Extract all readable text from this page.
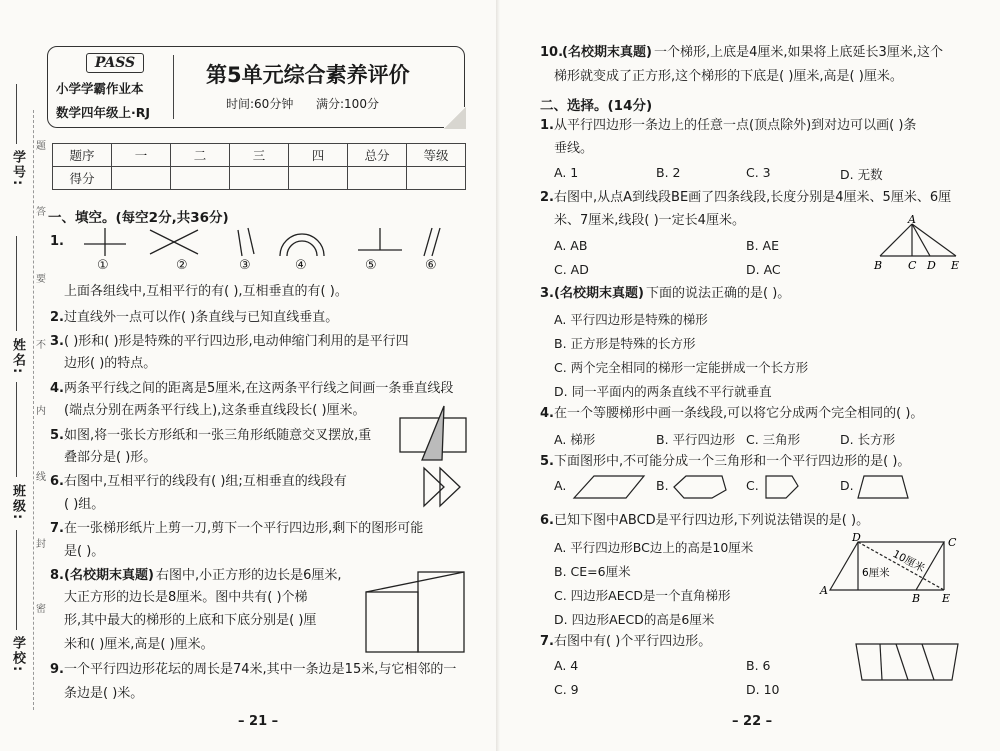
学号:
姓名:
班级:
学校:
题
答
要
不
内
线
封
密
PASS
小学学霸作业本
数学四年级上·RJ
第5单元综合素养评价
时间:60分钟 满分:100分
题序	一	二	三	四	总分	等级
得分						
一、填空。(每空2分,共36分)
1.
①	②	③	④	⑤	⑥
上面各组线中,互相平行的有( ),互相垂直的有( )。
2. 过直线外一点可以作( )条直线与已知直线垂直。
3. ( )形和( )形是特殊的平行四边形,电动伸缩门利用的是平行四
边形( )的特点。
4. 两条平行线之间的距离是5厘米,在这两条平行线之间画一条垂直线段
(端点分别在两条平行线上),这条垂直线段长( )厘米。
5. 如图,将一张长方形纸和一张三角形纸随意交叉摆放,重
叠部分是( )形。
6. 右图中,互相平行的线段有( )组;互相垂直的线段有
( )组。
7. 在一张梯形纸片上剪一刀,剪下一个平行四边形,剩下的图形可能
是( )。
8. (名校期末真题) 右图中,小正方形的边长是6厘米,
大正方形的边长是8厘米。图中共有( )个梯
形,其中最大的梯形的上底和下底分别是( )厘
米和( )厘米,高是( )厘米。
9. 一个平行四边形花坛的周长是74米,其中一条边是15米,与它相邻的一
条边是( )米。
– 21 –
10.
(名校期末真题) 一个梯形,上底是4厘米,如果将上底延长3厘米,这个
梯形就变成了正方形,这个梯形的下底是( )厘米,高是( )厘米。
二、选择。(14分)
1. 从平行四边形一条边上的任意一点(顶点除外)到对边可以画( )条
垂线。
A. 1	B. 2	C. 3	D. 无数
2. 右图中,从点A到线段BE画了四条线段,长度分别是4厘米、5厘米、6厘
米、7厘米,线段( )一定长4厘米。
A. AB	B. AE
C. AD	D. AC
A
B C D E
3. (名校期末真题) 下面的说法正确的是( )。
A. 平行四边形是特殊的梯形
B. 正方形是特殊的长方形
C. 两个完全相同的梯形一定能拼成一个长方形
D. 同一平面内的两条直线不平行就垂直
4. 在一个等腰梯形中画一条线段,可以将它分成两个完全相同的( )。
A. 梯形	B. 平行四边形 C. 三角形	D. 长方形
5. 下面图形中,不可能分成一个三角形和一个平行四边形的是( )。
A.	B.	C.	D.
6. 已知下图中ABCD是平行四边形,下列说法错误的是( )。
A. 平行四边形BC边上的高是10厘米
B. CE=6厘米
C. 四边形AECD是一个直角梯形
D. 四边形AECD的高是6厘米
D	C
A
B E
6厘米 10厘米
7. 右图中有( )个平行四边形。
A. 4	B. 6
C. 9	D. 10
– 22 –
